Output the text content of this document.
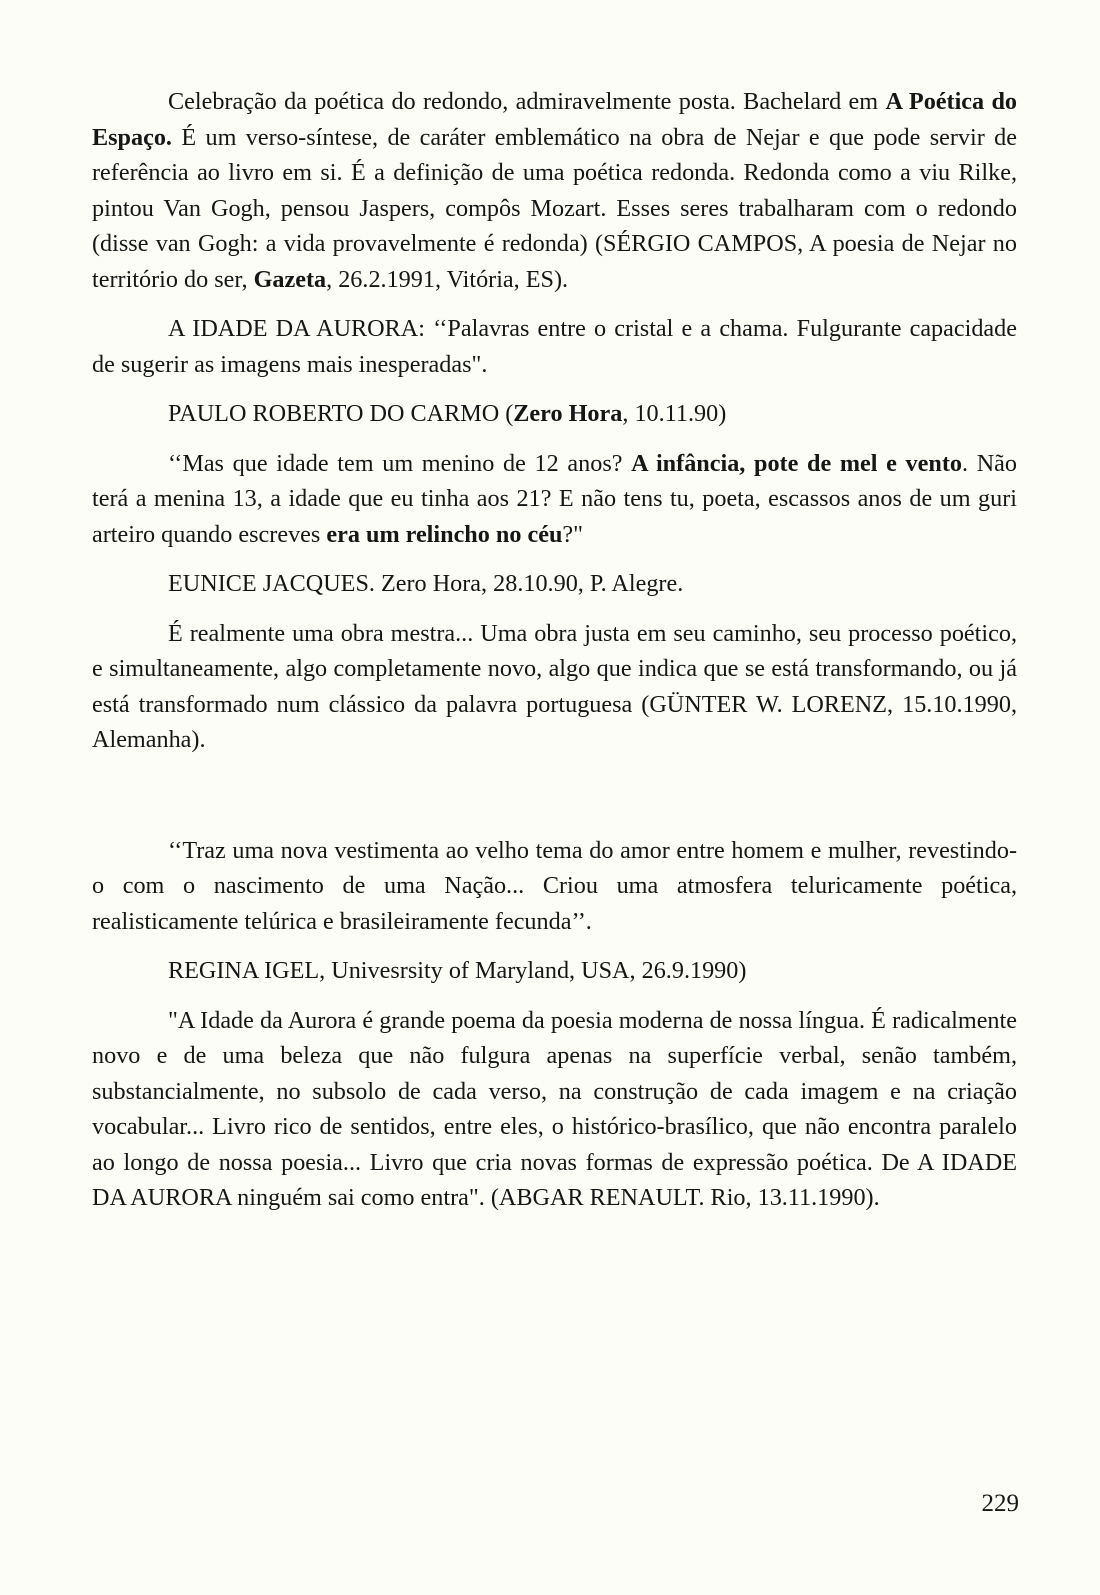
Celebração da poética do redondo, admiravelmente posta. Bachelard em A Poética do Espaço. É um verso-síntese, de caráter emblemático na obra de Nejar e que pode servir de referência ao livro em si. É a definição de uma poética redonda. Redonda como a viu Rilke, pintou Van Gogh, pensou Jaspers, compôs Mozart. Esses seres trabalharam com o redondo (disse van Gogh: a vida provavelmente é redonda) (SÉRGIO CAMPOS, A poesia de Nejar no território do ser, Gazeta, 26.2.1991, Vitória, ES).

A IDADE DA AURORA: ‘‘Palavras entre o cristal e a chama. Fulgurante capacidade de sugerir as imagens mais inesperadas".

PAULO ROBERTO DO CARMO (Zero Hora, 10.11.90)

‘‘Mas que idade tem um menino de 12 anos? A infância, pote de mel e vento. Não terá a menina 13, a idade que eu tinha aos 21? E não tens tu, poeta, escassos anos de um guri arteiro quando escreves era um relincho no céu?"

EUNICE JACQUES. Zero Hora, 28.10.90, P. Alegre.

É realmente uma obra mestra... Uma obra justa em seu caminho, seu processo poético, e simultaneamente, algo completamente novo, algo que indica que se está transformando, ou já está transformado num clássico da palavra portuguesa (GÜNTER W. LORENZ, 15.10.1990, Alemanha).

‘‘Traz uma nova vestimenta ao velho tema do amor entre homem e mulher, revestindo-o com o nascimento de uma Nação... Criou uma atmosfera teluricamente poética, realisticamente telúrica e brasileiramente fecunda’’.

REGINA IGEL, Univesrsity of Maryland, USA, 26.9.1990)

"A Idade da Aurora é grande poema da poesia moderna de nossa língua. É radicalmente novo e de uma beleza que não fulgura apenas na superfície verbal, senão também, substancialmente, no subsolo de cada verso, na construção de cada imagem e na criação vocabular... Livro rico de sentidos, entre eles, o histórico-brasílico, que não encontra paralelo ao longo de nossa poesia... Livro que cria novas formas de expressão poética. De A IDADE DA AURORA ninguém sai como entra". (ABGAR RENAULT. Rio, 13.11.1990).

229
